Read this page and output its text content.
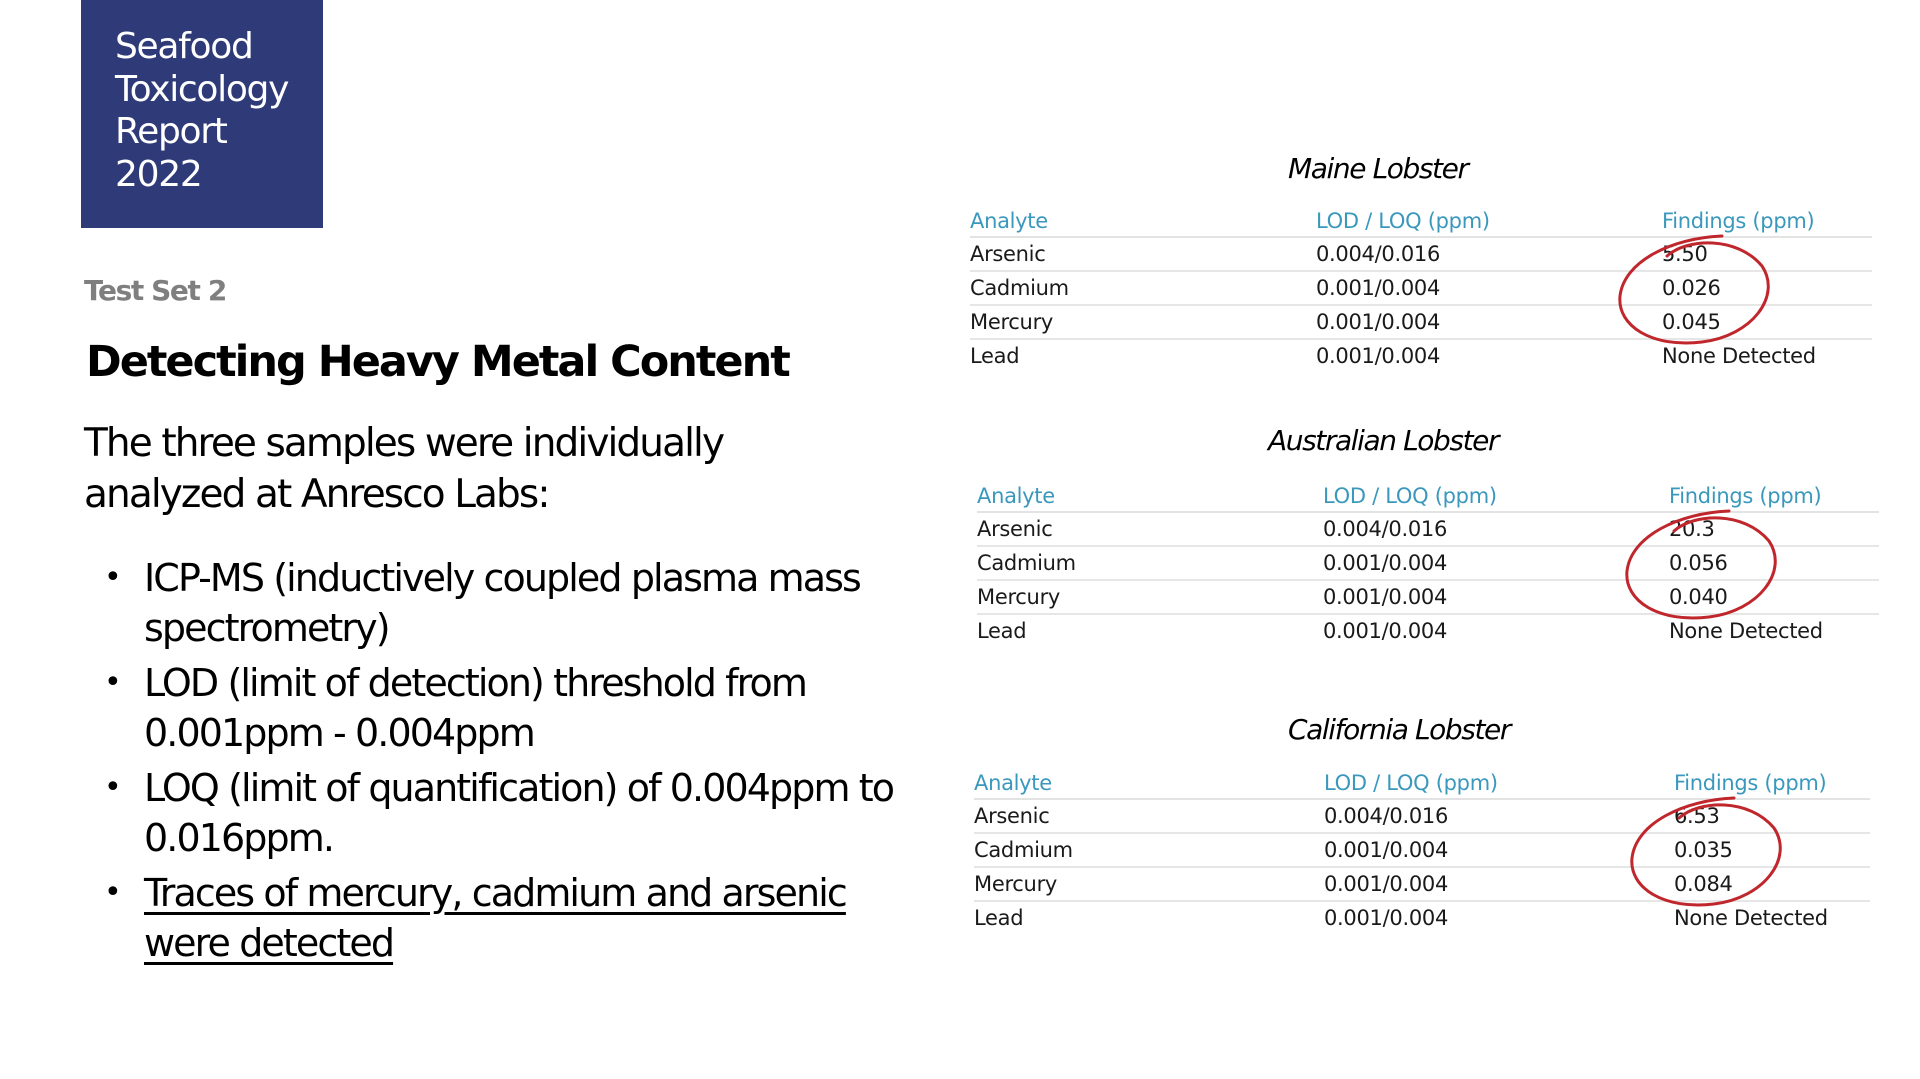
Seafood
Toxicology
Report
2022
Test Set 2
Detecting Heavy Metal Content
The three samples were individually analyzed at Anresco Labs:
• ICP-MS (inductively coupled plasma mass spectrometry)
• LOD (limit of detection) threshold from 0.001ppm - 0.004ppm
• LOQ (limit of quantification) of 0.004ppm to 0.016ppm.
• Traces of mercury, cadmium and arsenic were detected
Maine Lobster
Analyte	LOD / LOQ (ppm)	Findings (ppm)
Arsenic	0.004/0.016	5.50
Cadmium	0.001/0.004	0.026
Mercury	0.001/0.004	0.045
Lead	0.001/0.004	None Detected
Australian Lobster
Analyte	LOD / LOQ (ppm)	Findings (ppm)
Arsenic	0.004/0.016	20.3
Cadmium	0.001/0.004	0.056
Mercury	0.001/0.004	0.040
Lead	0.001/0.004	None Detected
California Lobster
Analyte	LOD / LOQ (ppm)	Findings (ppm)
Arsenic	0.004/0.016	6.53
Cadmium	0.001/0.004	0.035
Mercury	0.001/0.004	0.084
Lead	0.001/0.004	None Detected
